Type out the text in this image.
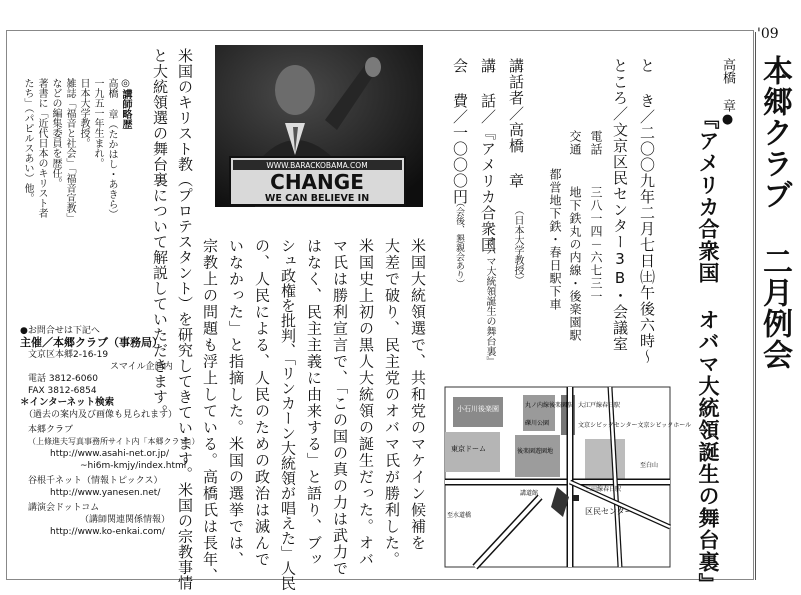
'09
本郷クラブ 二月例会
高橋 章●
『アメリカ合衆国 オバマ大統領誕生の舞台裏』
と き／二〇〇九年二月七日㈯午後六時～
ところ／文京区民センター3B・会議室
電話  三八一四－六七三一
交通  地下鉄丸の内線・後楽園駅
都営地下鉄・春日駅下車
講話者／高橋 章
（日本大学教授）
講 話／『アメリカ合衆国
オバマ大統領誕生の舞台裏』
会 費／一〇〇〇円
（会後、懇親会あり）
小石川後楽園	丸ノ内線後楽園駅
礫川公園
大江戸線春日駅
文京シビックセンター文京シビックホール
東京ドーム	後楽園遊園地
講道館
三田線春日駅
至白山
至水道橋	区民センター
WWW.BARACKOBAMA.COM
CHANGE
WE CAN BELIEVE IN
米国大統領選で、共和党のマケイン候補を
大差で破り、民主党のオバマ氏が勝利した。
米国史上初の黒人大統領の誕生だった。オバ
マ氏は勝利宣言で、「この国の真の力は武力で
はなく、民主主義に由来する」と語り、ブッ
シュ政権を批判、「リンカーン大統領が唱えた」人民
の、人民による、人民のための政治は滅んで
いなかった」と指摘した。米国の選挙では、
宗教上の問題も浮上している。高橋氏は長年、
米国のキリスト教（プロテスタント）を研究してきています。米国の宗教事情
と大統領選の舞台裏について解説していただきます。
◎講師略歴
高橋 章（たかはし・あきら）
一九五一年生まれ。
日本大学教授。
雑誌「福音と社会」「福音宣教」
などの編集委員を歴任。
著書に「近代日本のキリスト者
たち」（パピルスあい）他。
●お問合せは下記へ
主催／本郷クラブ（事務局）
文京区本郷2-16-19
スマイル企画内
電話 3812-6060
FAX 3812-6854
＊インターネット検索
（過去の案内及び画像も見られます）
本郷クラブ
（上條進夫写真事務所サイト内「本郷クラブ」）
http://www.asahi-net.or.jp/
~hi6m-kmjy/index.html
谷根千ネット（情報トピックス）
http://www.yanesen.net/
講演会ドットコム
（講師関連関係情報）
http://www.ko-enkai.com/
